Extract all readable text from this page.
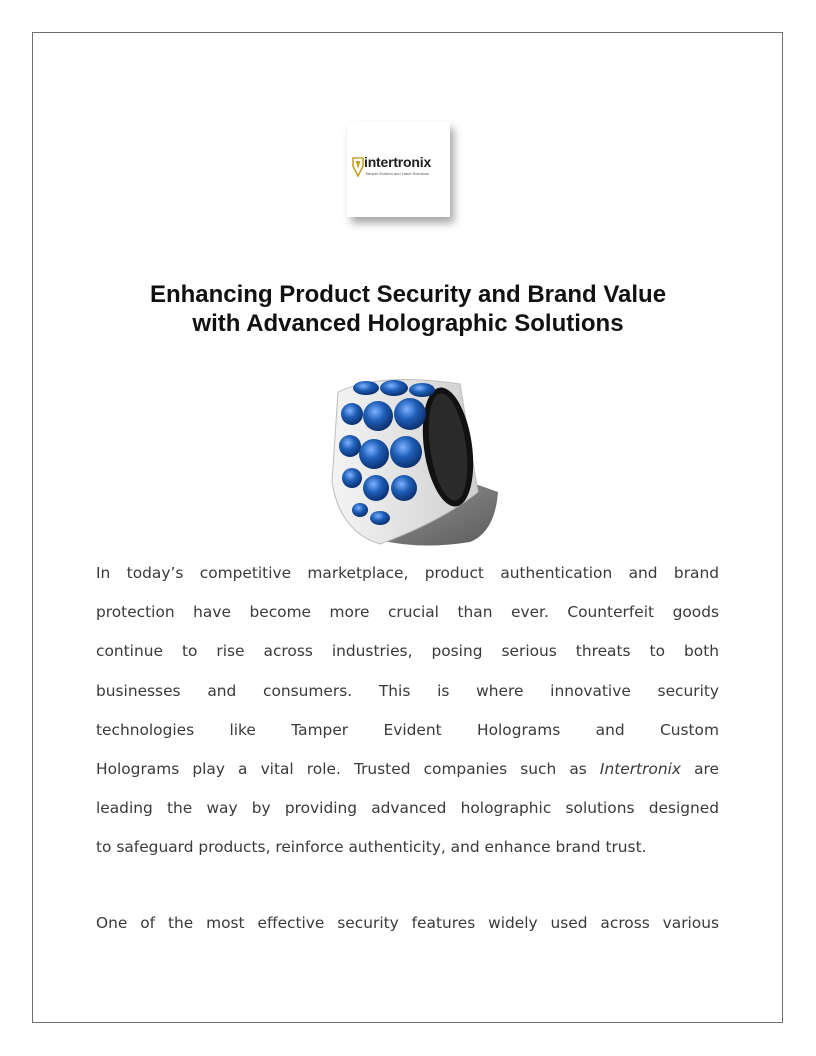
intertronix
Tamper Evident and Label Solutions
Enhancing Product Security and Brand Value
with Advanced Holographic Solutions

In today’s competitive marketplace, product authentication and brand
protection have become more crucial than ever. Counterfeit goods
continue to rise across industries, posing serious threats to both
businesses and consumers. This is where innovative security
technologies like Tamper Evident Holograms and Custom
Holograms play a vital role. Trusted companies such as Intertronix are
leading the way by providing advanced holographic solutions designed
to safeguard products, reinforce authenticity, and enhance brand trust.

One of the most effective security features widely used across various
